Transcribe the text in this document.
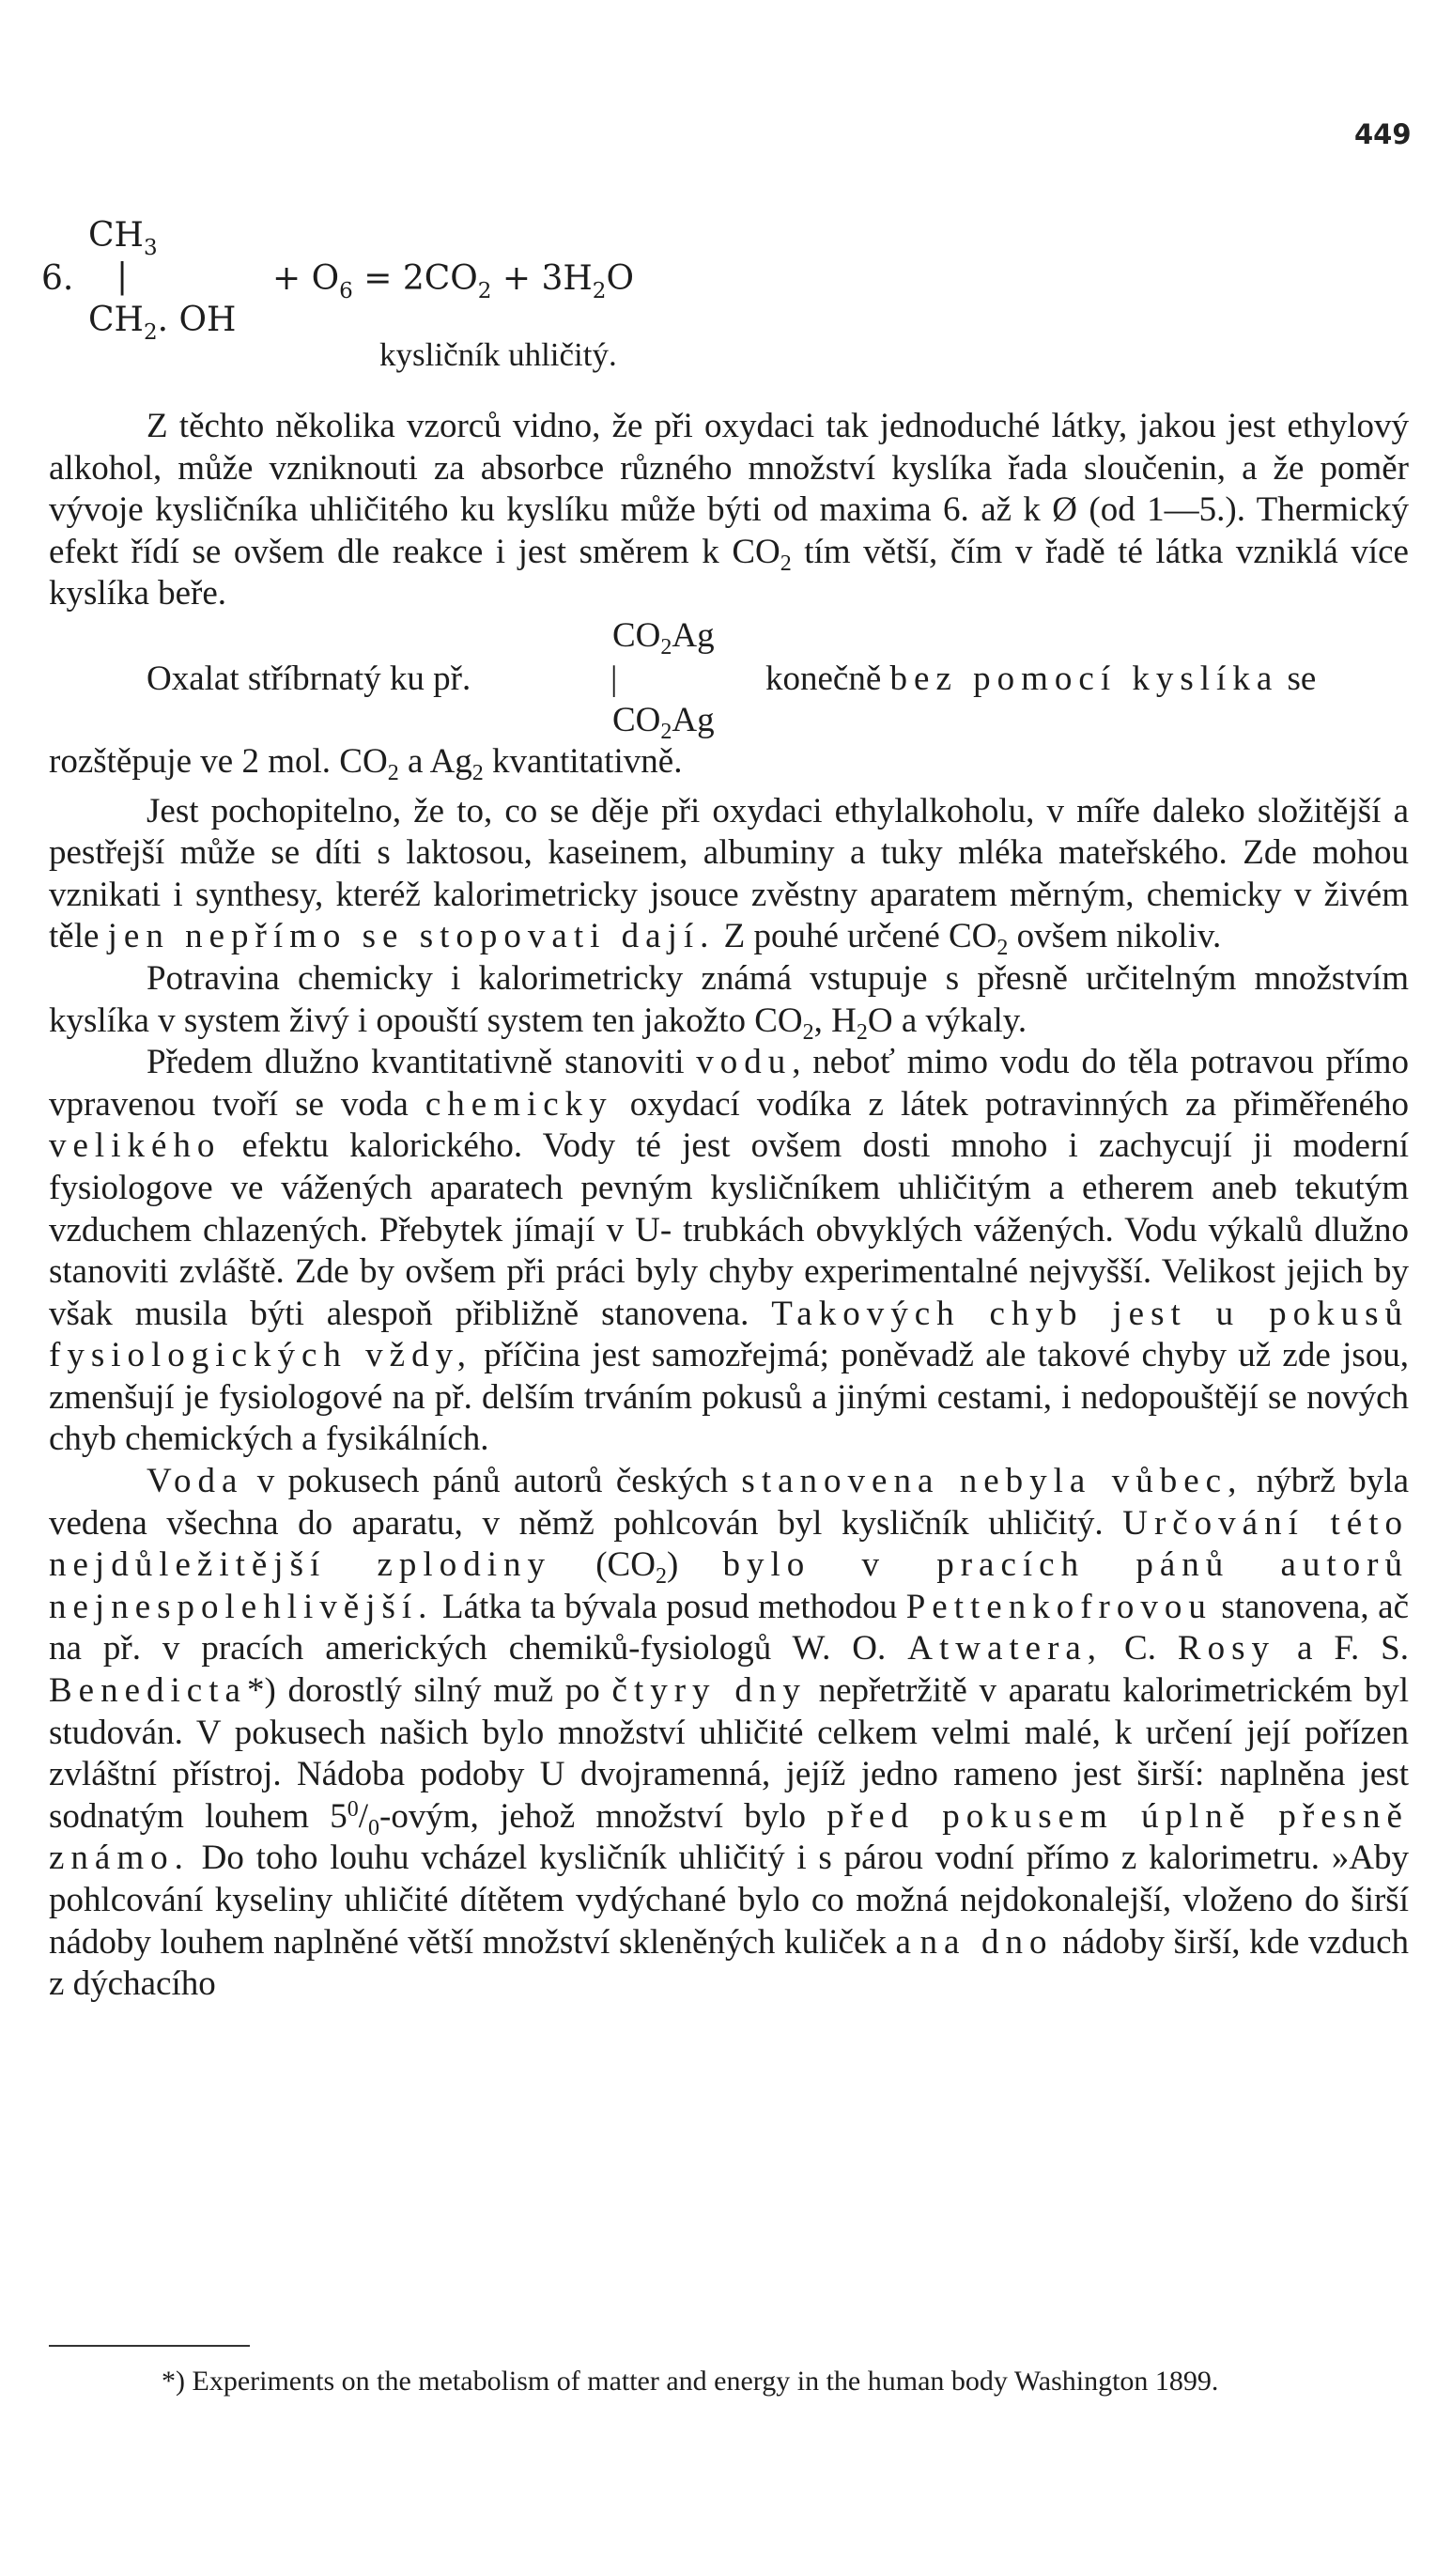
449
6.
$CH_3$
|
$CH_2$. OH
+ $O_6 = 2CO_2 + 3H_2O$
kysličník uhličitý.

Z těchto několika vzorců vidno, že při oxydaci tak jednoduché látky, jakou jest ethylový alkohol, může vzniknouti za absorbce různého množství kyslíka řada sloučenin, a že poměr vývoje kysličníka uhličitého ku kyslíku může býti od maxima 6. až k Ø (od 1—5.). Thermický efekt řídí se ovšem dle reakce i jest směrem k $CO_2$ tím větší, čím v řadě té látka vzniklá více kyslíka beře.

$CO_2Ag$
Oxalat stříbrnatý ku př.	|	konečně bez pomocí kyslíka se
$CO_2Ag$

rozštěpuje ve 2 mol. $CO_2$ a $Ag_2$ kvantitativně.

Jest pochopitelno, že to, co se děje při oxydaci ethylalkoholu, v míře daleko složitější a pestřejší může se díti s laktosou, kaseinem, albuminy a tuky mléka mateřského. Zde mohou vznikati i synthesy, kteréž kalorimetricky jsouce zvěstny aparatem měrným, chemicky v živém těle jen nepřímo se stopovati dají. Z pouhé určené $CO_2$ ovšem nikoliv.

Potravina chemicky i kalorimetricky známá vstupuje s přesně určitelným množstvím kyslíka v system živý i opouští system ten jakožto $CO_2$, $H_2O$ a výkaly.

Předem dlužno kvantitativně stanoviti vodu, neboť mimo vodu do těla potravou přímo vpravenou tvoří se voda chemicky oxydací vodíka z látek potravinných za přiměřeného velikého efektu kalorického. Vody té jest ovšem dosti mnoho i zachycují ji moderní fysiologove ve vážených aparatech pevným kysličníkem uhličitým a etherem aneb tekutým vzduchem chlazených. Přebytek jímají v U- trubkách obvyklých vážených. Vodu výkalů dlužno stanoviti zvláště. Zde by ovšem při práci byly chyby experimentalné nejvyšší. Velikost jejich by však musila býti alespoň přibližně stanovena. Takových chyb jest u pokusů fysiologických vždy, příčina jest samozřejmá; poněvadž ale takové chyby už zde jsou, zmenšují je fysiologové na př. delším trváním pokusů a jinými cestami, i nedopouštějí se nových chyb chemických a fysikálních.

Voda v pokusech pánů autorů českých stanovena nebyla vůbec, nýbrž byla vedena všechna do aparatu, v němž pohlcován byl kysličník uhličitý. Určování této nejdůležitější zplodiny $(CO_2)$ bylo v pracích pánů autorů nejnespolehlivější. Látka ta bývala posud methodou Pettenkofrovou stanovena, ač na př. v pracích amerických chemiků-fysiologů W. O. Atwatera, C. Rosy a F. S. Benedicta*) dorostlý silný muž po čtyry dny nepřetržitě v aparatu kalorimetrickém byl studován. V pokusech našich bylo množství uhličité celkem velmi malé, k určení její pořízen zvláštní přístroj. Nádoba podoby U dvojramenná, jejíž jedno rameno jest širší: naplněna jest sodnatým louhem $5^0/_0$-ovým, jehož množství bylo před pokusem úplně přesně známo. Do toho louhu vcházel kysličník uhličitý i s párou vodní přímo z kalorimetru. »Aby pohlcování kyseliny uhličité dítětem vydýchané bylo co možná nejdokonalejší, vloženo do širší nádoby louhem naplněné větší množství skleněných kuliček a na dno nádoby širší, kde vzduch z dýchacího

*) Experiments on the metabolism of matter and energy in the human body Washington 1899.
